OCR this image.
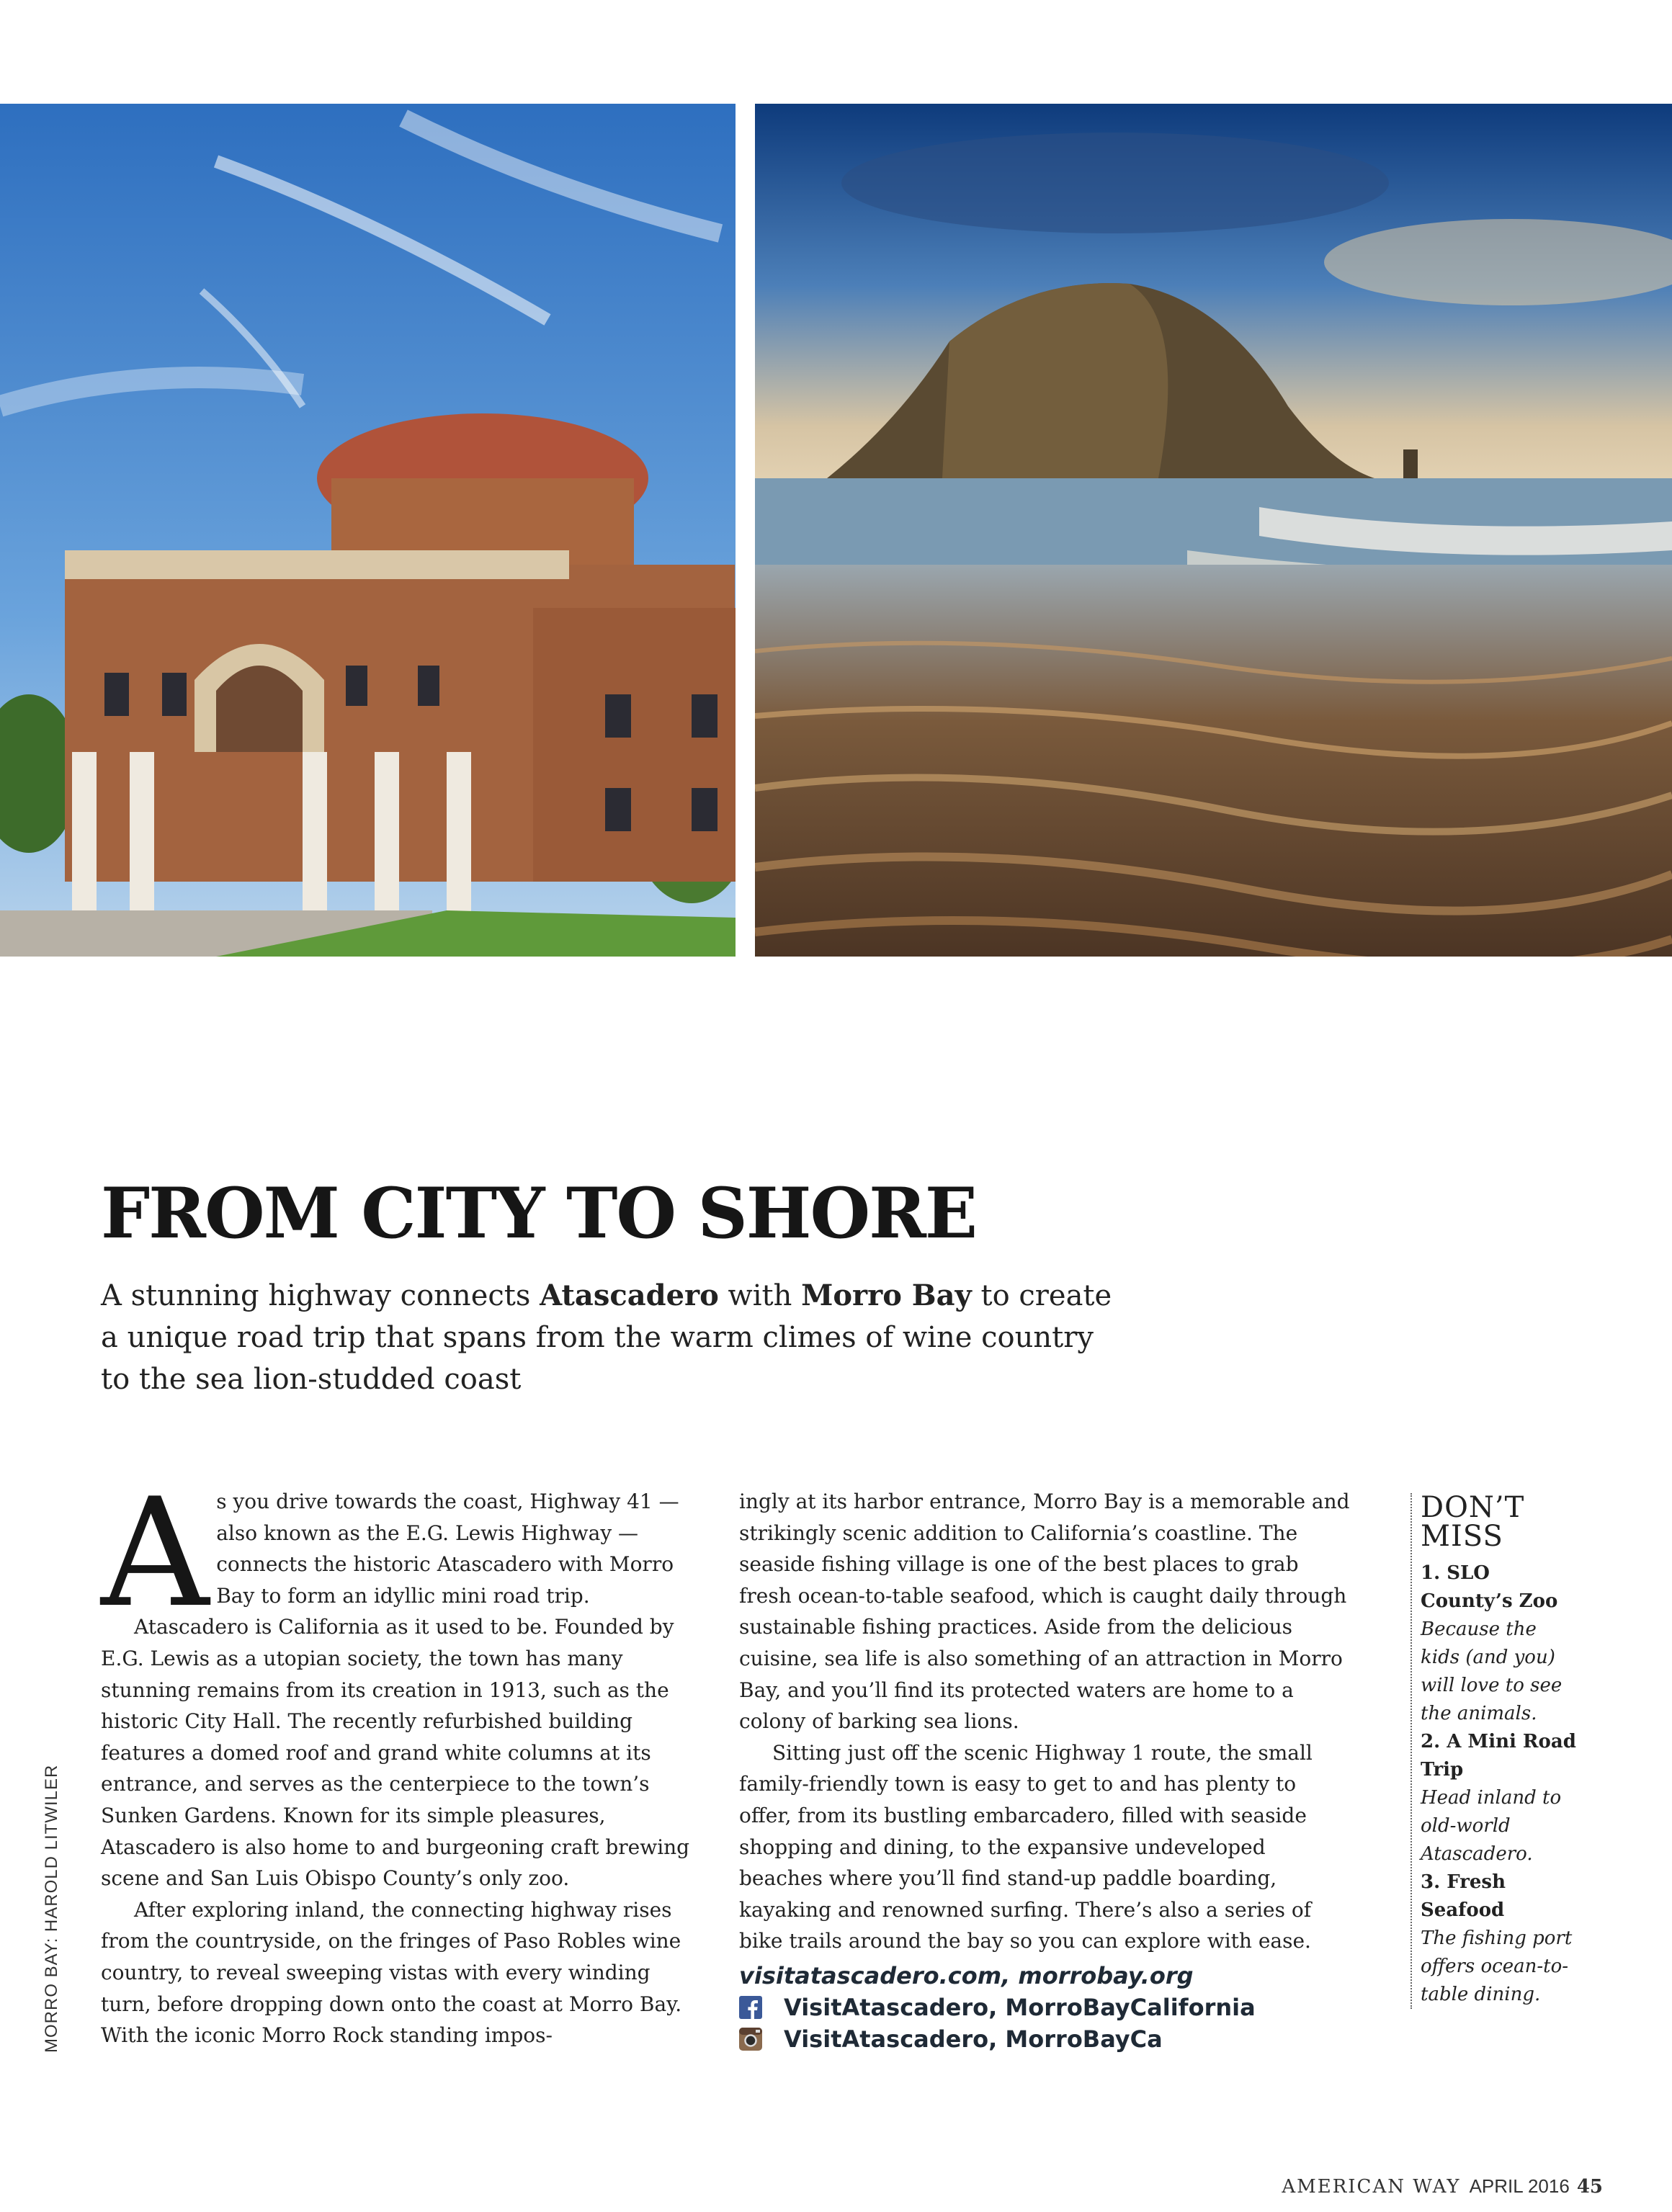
FROM CITY TO SHORE
A stunning highway connects Atascadero with Morro Bay to create a unique road trip that spans from the warm climes of wine country to the sea lion-studded coast
A s you drive towards the coast, Highway 41 — also known as the E.G. Lewis Highway — connects the historic Atascadero with Morro Bay to form an idyllic mini road trip.

Atascadero is California as it used to be. Founded by E.G. Lewis as a utopian society, the town has many stunning remains from its creation in 1913, such as the historic City Hall. The recently refurbished building features a domed roof and grand white columns at its entrance, and serves as the centerpiece to the town’s Sunken Gardens. Known for its simple pleasures, Atascadero is also home to and burgeoning craft brewing scene and San Luis Obispo County’s only zoo.

After exploring inland, the connecting highway rises from the countryside, on the fringes of Paso Robles wine country, to reveal sweeping vistas with every winding turn, before dropping down onto the coast at Morro Bay. With the iconic Morro Rock standing impos-

ingly at its harbor entrance, Morro Bay is a memorable and strikingly scenic addition to California’s coastline. The seaside fishing village is one of the best places to grab fresh ocean-to-table seafood, which is caught daily through sustainable fishing practices. Aside from the delicious cuisine, sea life is also something of an attraction in Morro Bay, and you’ll find its protected waters are home to a colony of barking sea lions.

Sitting just off the scenic Highway 1 route, the small family-friendly town is easy to get to and has plenty to offer, from its bustling embarcadero, filled with seaside shopping and dining, to the expansive undeveloped beaches where you’ll find stand-up paddle boarding, kayaking and renowned surfing. There’s also a series of bike trails around the bay so you can explore with ease.

visitatascadero.com, morrobay.org
VisitAtascadero, MorroBayCalifornia
VisitAtascadero, MorroBayCa
DON’T MISS
1. SLO County’s Zoo
Because the kids (and you) will love to see the animals.
2. A Mini Road Trip
Head inland to old-world Atascadero.
3. Fresh Seafood
The fishing port offers ocean-to-table dining.
MORRO BAY: HAROLD LITWILER
AMERICAN WAY APRIL 2016 45
